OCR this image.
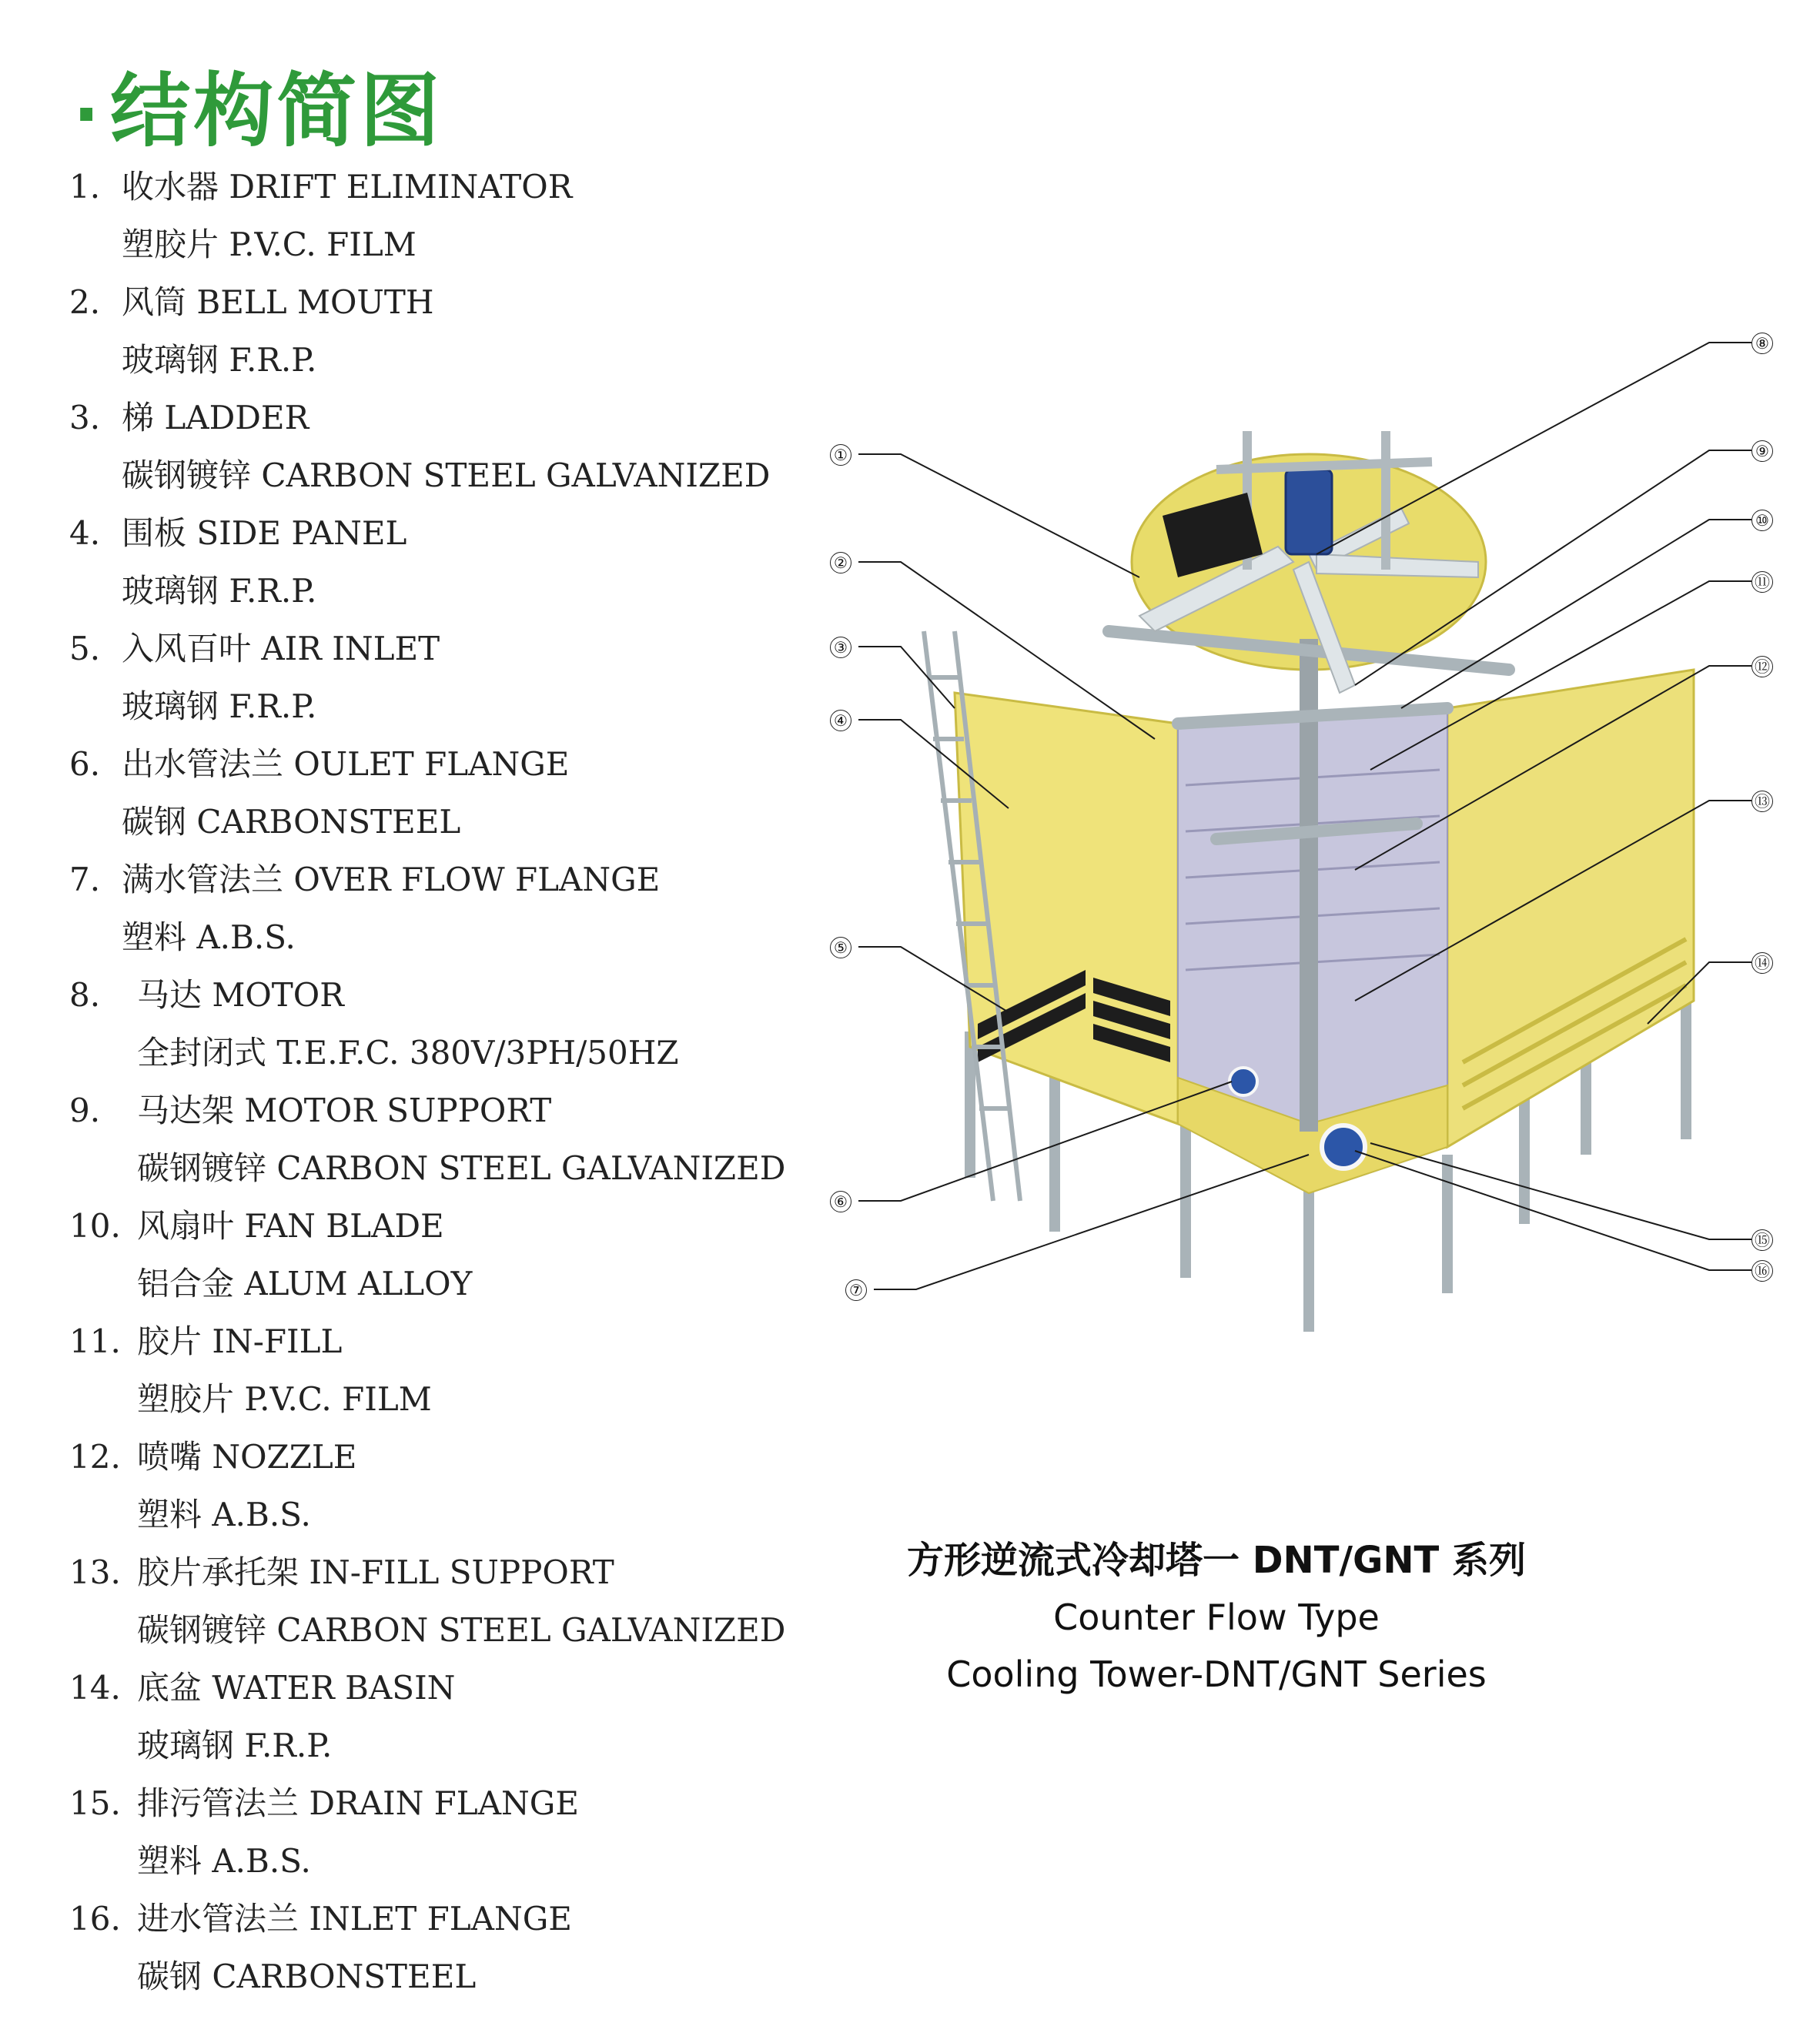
·结构简图
1. 收水器 DRIFT ELIMINATOR
塑胶片 P.V.C. FILM
2. 风筒 BELL MOUTH
玻璃钢 F.R.P.
3. 梯 LADDER
碳钢镀锌 CARBON STEEL GALVANIZED
4. 围板 SIDE PANEL
玻璃钢 F.R.P.
5. 入风百叶 AIR INLET
玻璃钢 F.R.P.
6. 出水管法兰 OULET FLANGE
碳钢 CARBONSTEEL
7. 满水管法兰 OVER FLOW FLANGE
塑料 A.B.S.
8. 马达 MOTOR
全封闭式 T.E.F.C. 380V/3PH/50HZ
9. 马达架 MOTOR SUPPORT
碳钢镀锌 CARBON STEEL GALVANIZED
10. 风扇叶 FAN BLADE
铝合金 ALUM ALLOY
11. 胶片 IN-FILL
塑胶片 P.V.C. FILM
12. 喷嘴 NOZZLE
塑料 A.B.S.
13. 胶片承托架 IN-FILL SUPPORT
碳钢镀锌 CARBON STEEL GALVANIZED
14. 底盆 WATER BASIN
玻璃钢 F.R.P.
15. 排污管法兰 DRAIN FLANGE
塑料 A.B.S.
16. 进水管法兰 INLET FLANGE
碳钢 CARBONSTEEL
①
②
③
④
⑤
⑥
⑦
⑧
⑨
⑩
⑪
⑫
⑬
⑭
⑮
⑯
方形逆流式冷却塔一 DNT/GNT 系列
Counter Flow Type
Cooling Tower-DNT/GNT Series
